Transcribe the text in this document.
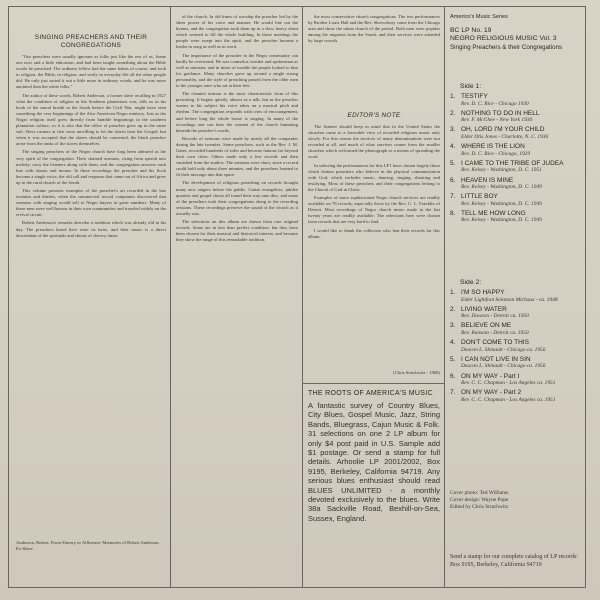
SINGING PREACHERS AND THEIR CONGREGATIONS

"Our preachers were usually ignorant as folks just like the rest of us. Some one now and a little education, and had been taught something about the Bible words he preached. The ordinary fellow had the same habits of course, and took to religion, the Bible, in religion, and verily in everyday life all the other people did. He only just sorted it out a little more in ordinary words, and he was more anointed than the white folks."

The author of these words, Robert Anderson, a former slave recalling in 1927 what the condition of religion in the Southern plantations was, tells us in his book of the moral breath in the South before the Civil War, might have seen something the very beginnings of the Afro-American Negro ministry. Just as the Negro religion itself grew directly from humble beginnings in the southern plantation culture, so it is also that the office of preacher grew up in the same soil. Slave owners at first were unwilling to let the slaves hear the Gospel; but when it was accepted that the slaves should be converted, the black preacher arose from the ranks of the slaves themselves.

The singing preachers of the Negro church have long been admired as the very spirit of the congregation. Their chanted sermons, rising from speech into melody, carry the listeners along with them, and the congregation answers each line with shouts and moans. In these recordings the preacher and his flock become a single voice, the old call and response that came out of Africa and grew up in the rural church of the South.

This volume presents examples of the preacher's art recorded in the late twenties and thirties, when the commercial record companies discovered that sermons with singing would sell to Negro buyers in great numbers. Many of these men were well known in their own communities and traveled widely on the revival circuit.

Robert Anderson's remarks describe a tradition which was already old in his day. The preachers heard here were its heirs, and their music is a direct descendant of the spirituals and shouts of slavery times.

Anderson, Robert. From Slavery to Affluence: Memories of Robert Anderson, Ex-Slave

of the church. In old times of worship the preacher led by the sheer power of his voice and manner. He would line out the hymns, and the congregation took them up in a slow, heavy chant which seemed to fill the whole building. In those meetings the people were swept into the spirit, and the preacher became a leader in song as well as in word.

The importance of the preacher in the Negro community can hardly be overstated. He was counselor, teacher and spokesman as well as minister, and in times of trouble the people looked to him for guidance. Many churches grew up around a single strong personality, and the style of preaching passed from the older men to the younger ones who sat at their feet.

The chanted sermon is the most characteristic form of this preaching. It begins quietly, almost as a talk, but as the preacher warms to his subject his voice takes on a musical pitch and rhythm. The congregation responds with cries of encouragement, and before long the whole house is singing. In many of the recordings one can hear the women of the church humming beneath the preacher's words.

Records of sermons were made by nearly all the companies during the late twenties. Some preachers, such as the Rev. J. M. Gates, recorded hundreds of sides and became famous far beyond their own cities. Others made only a few records and then vanished from the studios. The sermons were short, since a record could hold only about three minutes, and the preachers learned to fit their message into that space.

The development of religious preaching on records brought many new singers before the public. Guitar evangelists, jubilee quartets and gospel choirs all found their way onto disc, and some of the preachers took their congregations along to the recording sessions. These recordings preserve the sound of the church as it actually was.

The selections on this album are drawn from rare original records. Some are in less than perfect condition, but they have been chosen for their musical and historical interest, and because they show the range of this remarkable tradition.

the most conservative church congregations. The two performances by Brother Louis Hall and the Rev. Shrewsbury come from the Chicago area and show the urban church of the period. Both men were popular among the migrants from the South, and their services were attended by large crowds.

EDITOR'S NOTE

The listener should keep in mind that in the United States the churches came to a favorable view of recorded religious music only slowly. For this reason the services of many denominations were not recorded at all, and much of what survives comes from the smaller churches which welcomed the phonograph as a means of spreading the word.

In selecting the performances for this LP I have chosen largely those which feature preachers who believe in the physical communication with God, which includes music, dancing, singing, shouting and testifying. Most of these preachers and their congregations belong to the Church of God in Christ.

Examples of more sophisticated Negro church services are readily available on 78 records, especially those by the Rev. C. L. Franklin of Detroit. Most recordings of Negro church music made in the last twenty years are readily available. The selections here were chosen from records that are very hard to find.

I would like to thank the collectors who lent their records for this album.

(Chris Strachwitz - 1968)
THE ROOTS OF AMERICA'S MUSIC
A fantastic survey of Country Blues, City Blues, Gospel Music, Jazz, String Bands, Bluegrass, Cajun Music & Folk. 31 selections on one 2 LP album for only $4 post paid in U.S. Sample add $1 postage. Or send a stamp for full details. Arhoolie LP 2001/2002, Box 9195, Berkeley, California 94719. Any serious blues enthusiast should read BLUES UNLIMITED - a monthly devoted exclusively to the blues. Write 38a Sackville Road, Bexhill-on-Sea, Sussex, England.
Americo's Music Series
BC LP No. 19
NEGRO RELIGIOUS MUSIC Vol. 3
Singing Preachers & their Congregations
Side 1:
1. TESTIFY
Rev. D. C. Rice - Chicago 1930
2. NOTHING TO DO IN HELL
Rev. F. McGhee - New York 1930
3. OH, LORD I'M YOUR CHILD
Elder Otis Jones - Charlotte, N. C. 1936
4. WHERE IS THE LION
Rev. D. C. Rice - Chicago, 1929
5. I CAME TO THE TRIBE OF JUDEA
Rev. Kelsey - Washington, D. C. 1951
6. HEAVEN IS MINE
Rev. Kelsey - Washington, D. C. 1949
7. LITTLE BOY
Rev. Kelsey - Washington, D. C. 1949
8. TELL ME HOW LONG
Rev. Kelsey - Washington, D. C. 1949
Side 2:
1. I'M SO HAPPY
Elder Lightfoot Solomon Michaux - ca. 1948
2. LIVING WATER
Rev. Dawson - Detroit ca. 1950
3. BELIEVE ON ME
Rev. Ransom - Detroit ca. 1950
4. DON'T COME TO THIS
Deacon L. Shinault - Chicago ca. 1956
5. I CAN NOT LIVE IN SIN
Deacon L. Shinault - Chicago ca. 1956
6. ON MY WAY - Part I
Rev. C. C. Chapman - Los Angeles ca. 1951
7. ON MY WAY - Part 2
Rev. C. C. Chapman - Los Angeles ca. 1951
Cover photo: Ted Williams
Cover design: Wayne Pope
Edited by Chris Strachwitz
Send a stamp for our complete catalog of LP records: Box 9195, Berkeley, California 94719
